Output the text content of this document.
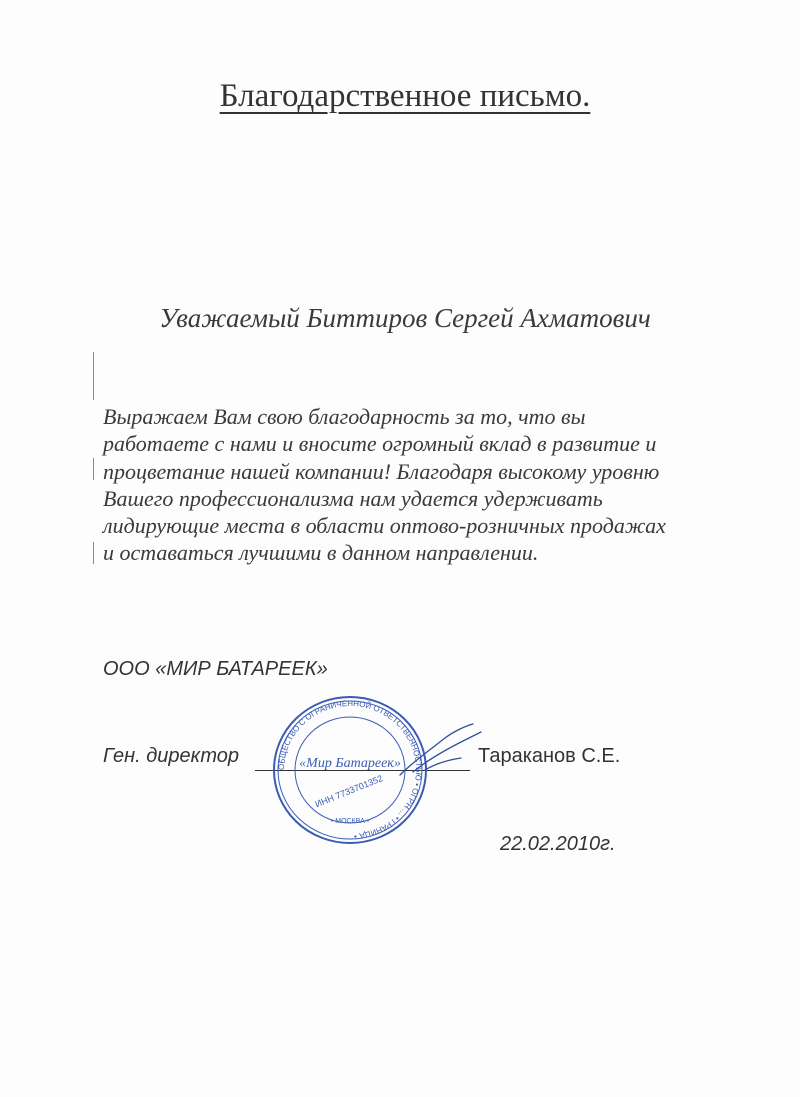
Благодарственное письмо.

Уважаемый Биттиров Сергей Ахматович

Выражаем Вам свою благодарность за то, что вы
работаете с нами и вносите огромный вклад в развитие и
процветание нашей компании! Благодаря высокому уровню
Вашего профессионализма нам удается удерживать
лидирующие места в области оптово-розничных продажах
и оставаться лучшими в данном направлении.

ООО «МИР БАТАРЕЕК»

Ген. директор	Тараканов С.Е.
ОБЩЕСТВО С ОГРАНИЧЕННОЙ ОТВЕТСТВЕННОСТЬЮ • ОГРН ... • ГРАНИЦА •
«Мир Батареек»
ИНН 7733701352
• МОСКВА •
22.02.2010г.
